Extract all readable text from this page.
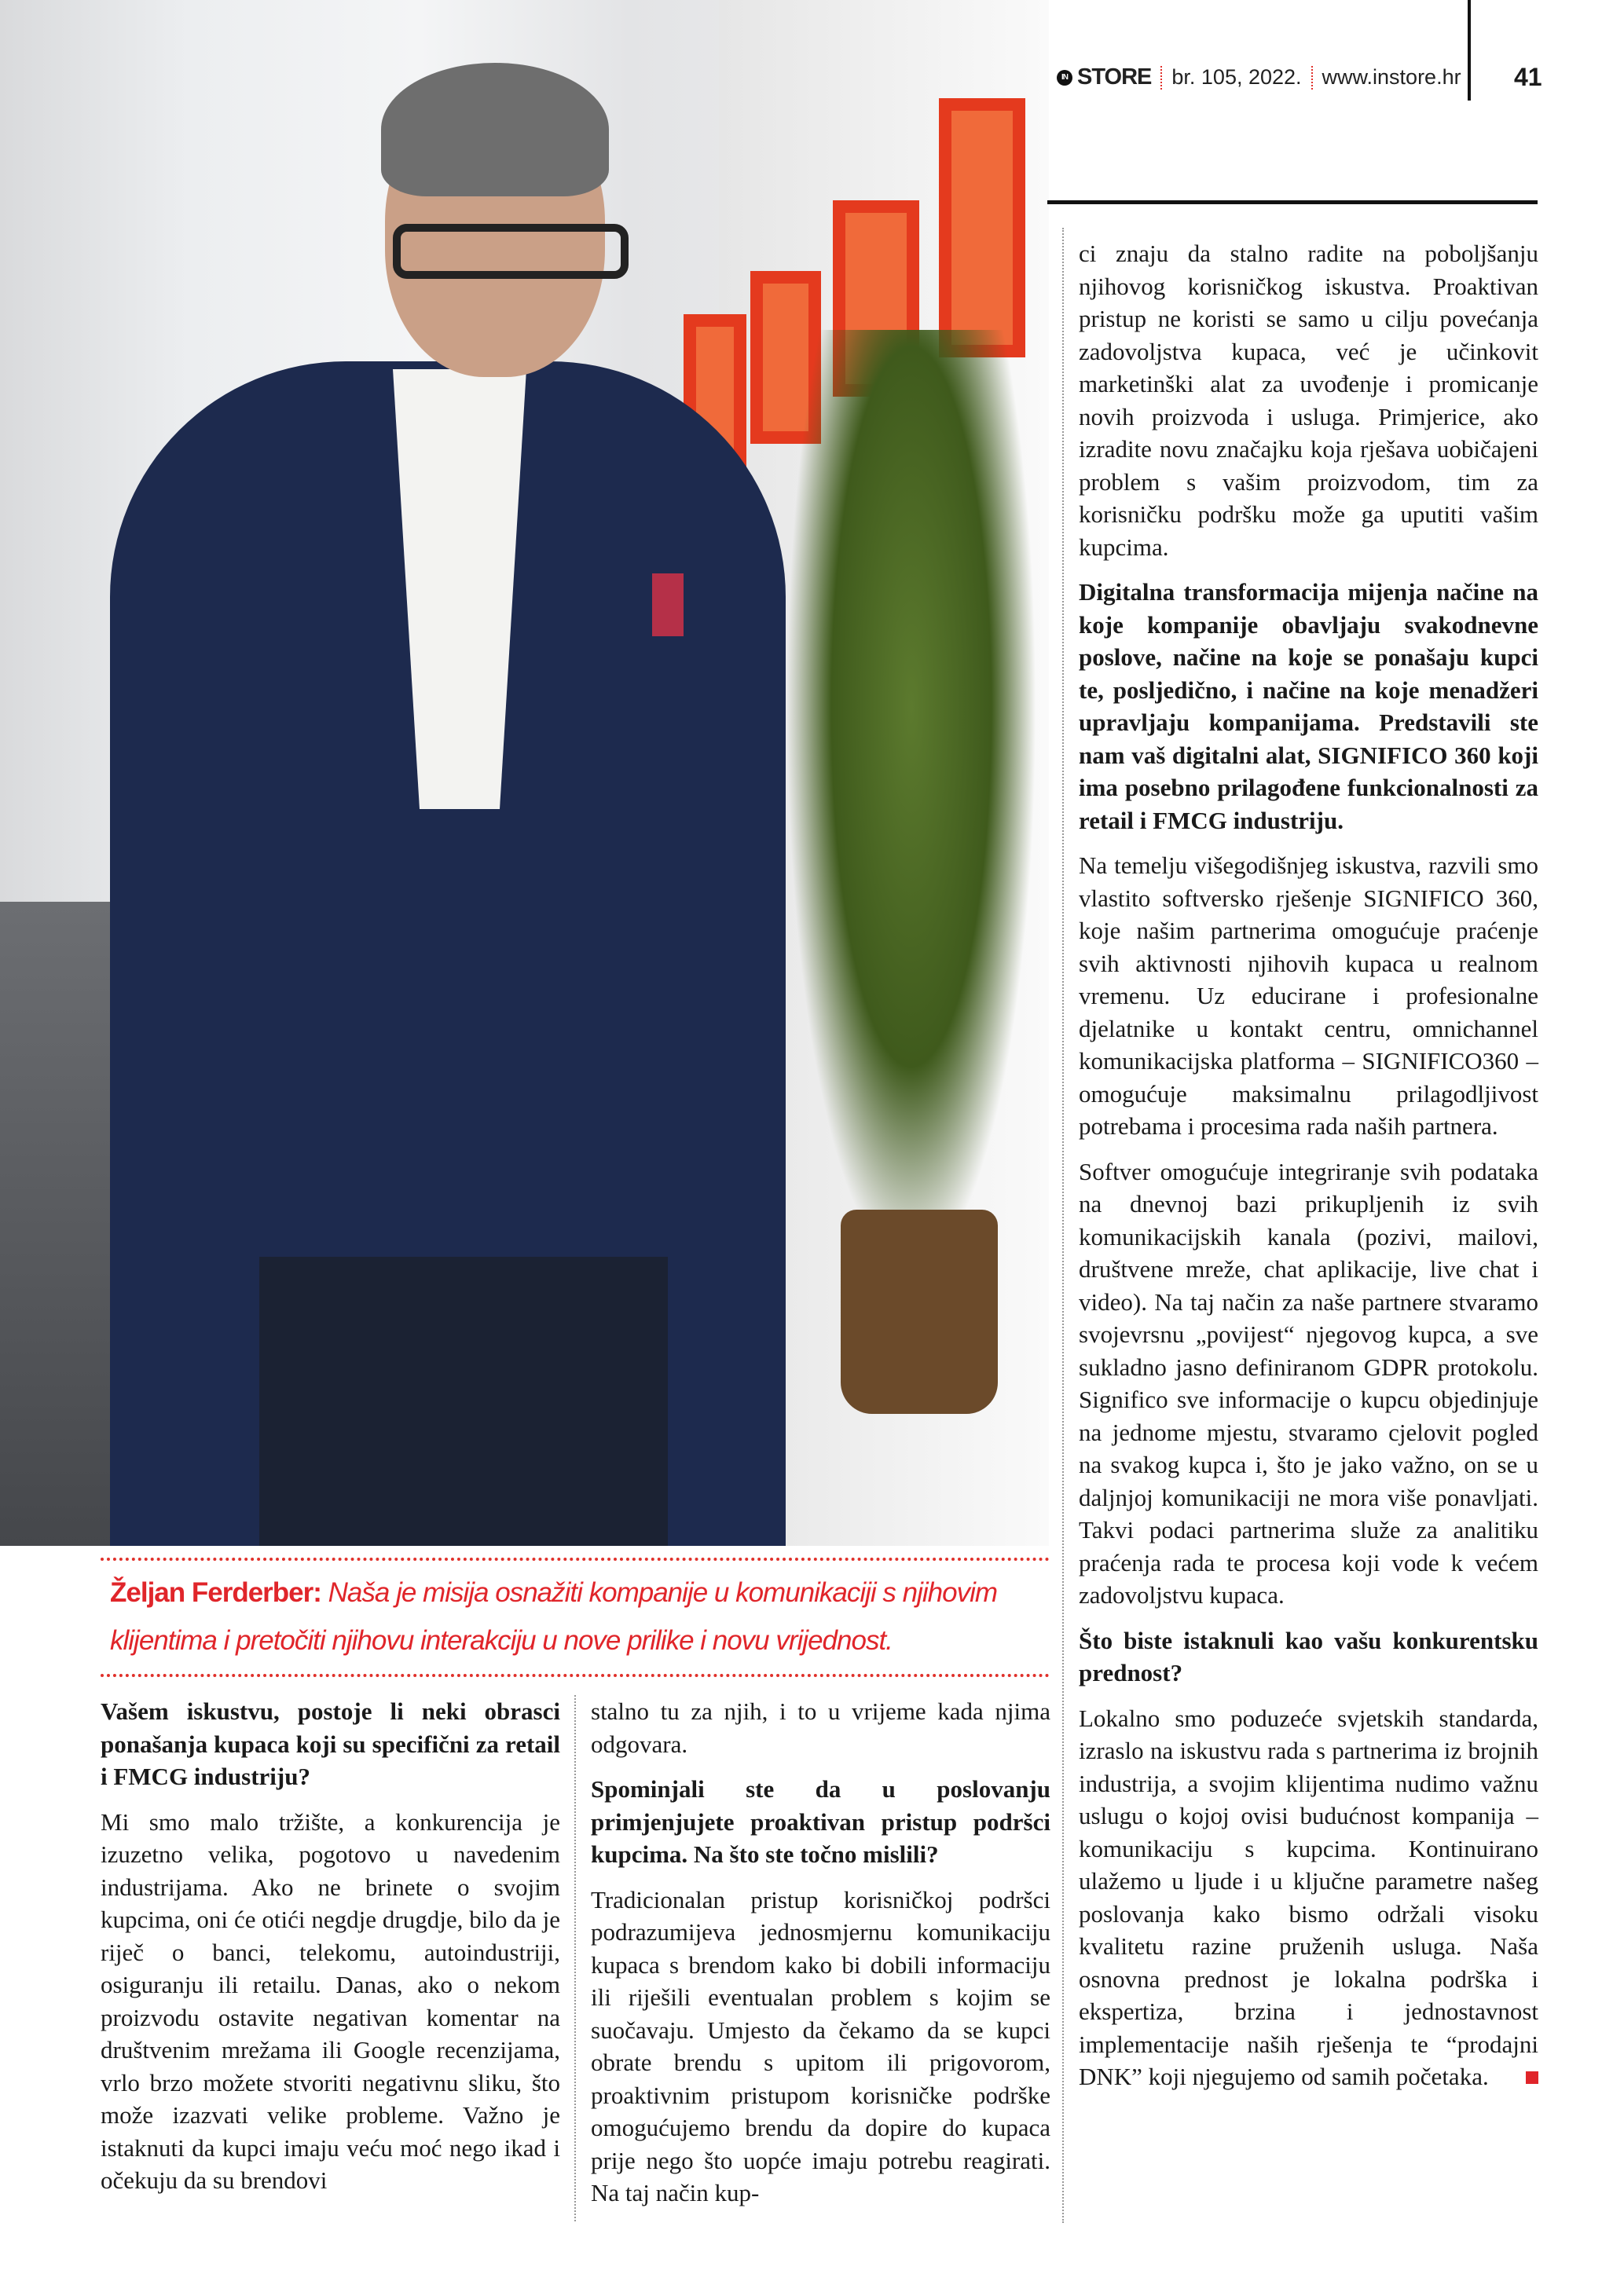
IN STORE br. 105, 2022. www.instore.hr 41
Željan Ferderber: Naša je misija osnažiti kompanije u komunikaciji s njihovim klijentima i pretočiti njihovu interakciju u nove prilike i novu vrijednost.

Vašem iskustvu, postoje li neki obrasci ponašanja kupaca koji su specifični za retail i FMCG industriju?

Mi smo malo tržište, a konkurencija je izuzetno velika, pogotovo u navedenim industrijama. Ako ne brinete o svojim kupcima, oni će otići negdje drugdje, bilo da je riječ o banci, telekomu, autoindustriji, osiguranju ili retailu. Danas, ako o nekom proizvodu ostavite negativan komentar na društvenim mrežama ili Google recenzijama, vrlo brzo možete stvoriti negativnu sliku, što može izazvati velike probleme. Važno je istaknuti da kupci imaju veću moć nego ikad i očekuju da su brendovi

stalno tu za njih, i to u vrijeme kada njima odgovara.

Spominjali ste da u poslovanju primjenjujete proaktivan pristup podršci kupcima. Na što ste točno mislili?

Tradicionalan pristup korisničkoj podršci podrazumijeva jednosmjernu komunikaciju kupaca s brendom kako bi dobili informaciju ili riješili eventualan problem s kojim se suočavaju. Umjesto da čekamo da se kupci obrate brendu s upitom ili prigovorom, proaktivnim pristupom korisničke podrške omogućujemo brendu da dopire do kupaca prije nego što uopće imaju potrebu reagirati. Na taj način kup-

ci znaju da stalno radite na poboljšanju njihovog korisničkog iskustva. Proaktivan pristup ne koristi se samo u cilju povećanja zadovoljstva kupaca, već je učinkovit marketinški alat za uvođenje i promicanje novih proizvoda i usluga. Primjerice, ako izradite novu značajku koja rješava uobičajeni problem s vašim proizvodom, tim za korisničku podršku može ga uputiti vašim kupcima.

Digitalna transformacija mijenja načine na koje kompanije obavljaju svakodnevne poslove, načine na koje se ponašaju kupci te, posljedično, i načine na koje menadžeri upravljaju kompanijama. Predstavili ste nam vaš digitalni alat, SIGNIFICO 360 koji ima posebno prilagođene funkcionalnosti za retail i FMCG industriju.

Na temelju višegodišnjeg iskustva, razvili smo vlastito softversko rješenje SIGNIFICO 360, koje našim partnerima omogućuje praćenje svih aktivnosti njihovih kupaca u realnom vremenu. Uz educirane i profesionalne djelatnike u kontakt centru, omnichannel komunikacijska platforma – SIGNIFICO360 – omogućuje maksimalnu prilagodljivost potrebama i procesima rada naših partnera.

Softver omogućuje integriranje svih podataka na dnevnoj bazi prikupljenih iz svih komunikacijskih kanala (pozivi, mailovi, društvene mreže, chat aplikacije, live chat i video). Na taj način za naše partnere stvaramo svojevrsnu „povijest“ njegovog kupca, a sve sukladno jasno definiranom GDPR protokolu. Significo sve informacije o kupcu objedinjuje na jednome mjestu, stvaramo cjelovit pogled na svakog kupca i, što je jako važno, on se u daljnjoj komunikaciji ne mora više ponavljati. Takvi podaci partnerima služe za analitiku praćenja rada te procesa koji vode k većem zadovoljstvu kupaca.

Što biste istaknuli kao vašu konkurentsku prednost?

Lokalno smo poduzeće svjetskih standarda, izraslo na iskustvu rada s partnerima iz brojnih industrija, a svojim klijentima nudimo važnu uslugu o kojoj ovisi budućnost kompanija – komunikaciju s kupcima. Kontinuirano ulažemo u ljude i u ključne parametre našeg poslovanja kako bismo održali visoku kvalitetu razine pruženih usluga. Naša osnovna prednost je lokalna podrška i ekspertiza, brzina i jednostavnost implementacije naših rješenja te “prodajni DNK” koji njegujemo od samih početaka.
